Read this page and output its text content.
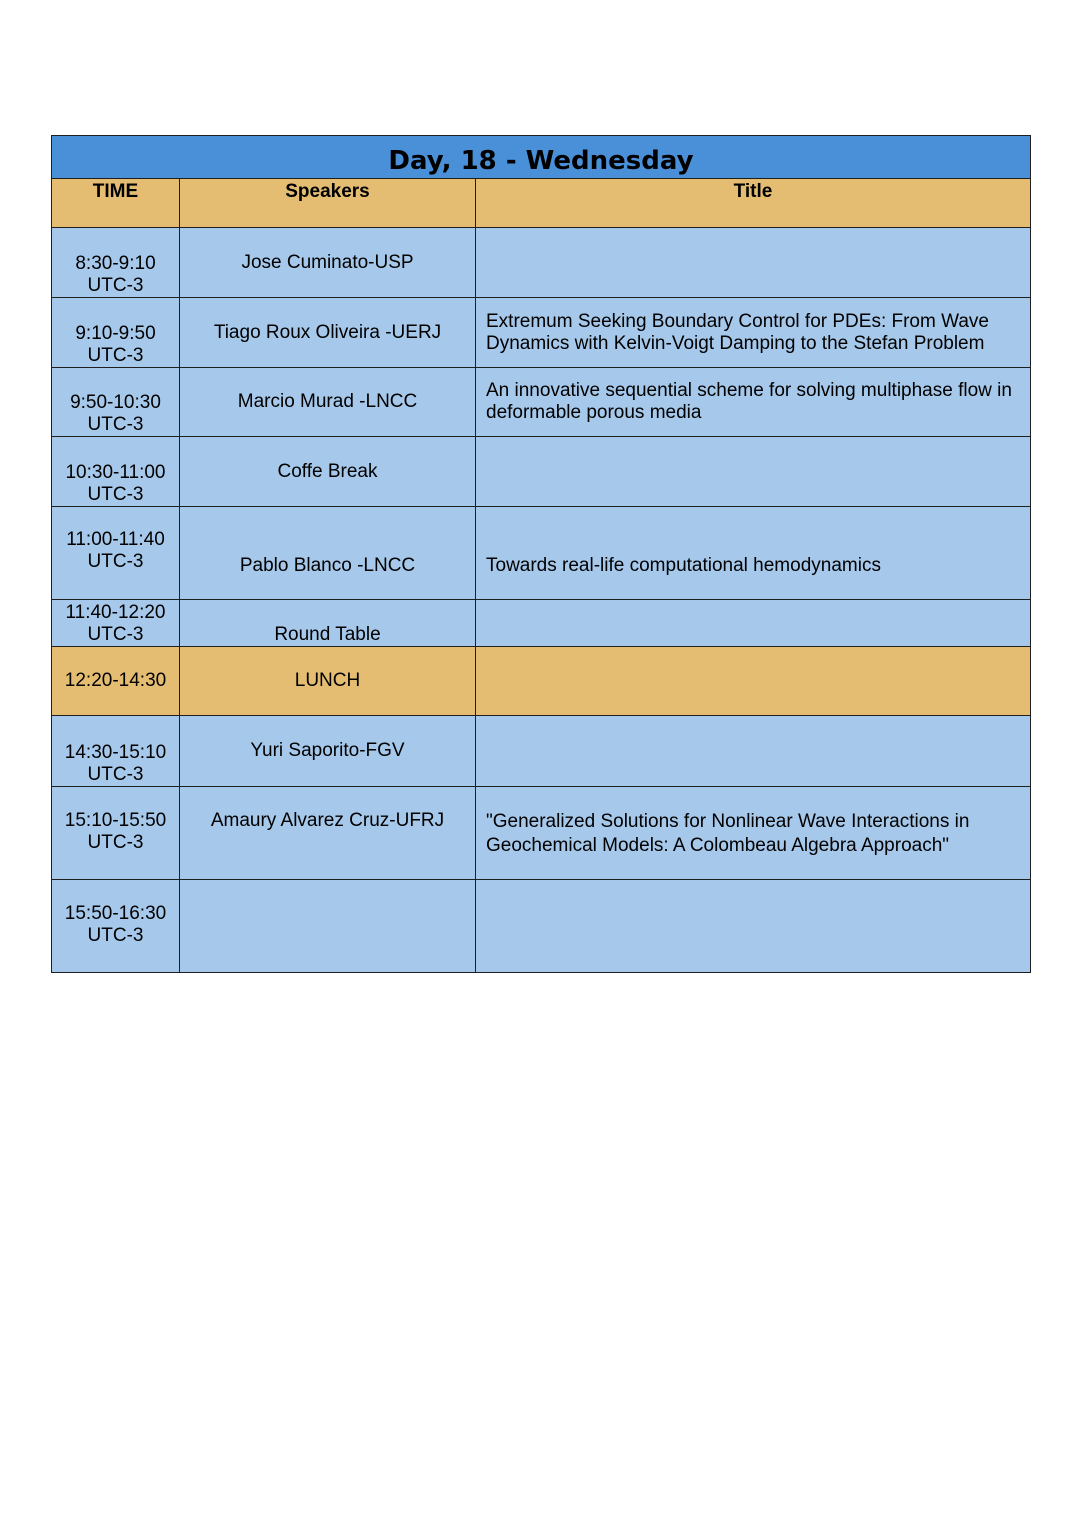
Day, 18 - Wednesday		
TIME	Speakers	Title

8:30-9:10
UTC-3	Jose Cuminato-USP	

9:10-9:50
UTC-3	Tiago Roux Oliveira -UERJ	Extremum Seeking Boundary Control for PDEs: From Wave Dynamics with Kelvin-Voigt Damping to the Stefan Problem

9:50-10:30
UTC-3	Marcio Murad -LNCC	An innovative sequential scheme for solving multiphase flow in deformable porous media

10:30-11:00
UTC-3	Coffe Break	

11:00-11:40
UTC-3	Pablo Blanco -LNCC	Towards real-life computational hemodynamics

11:40-12:20
UTC-3	Round Table	

12:20-14:30	LUNCH	

14:30-15:10
UTC-3	Yuri Saporito-FGV	

15:10-15:50
UTC-3	Amaury Alvarez Cruz-UFRJ	"Generalized Solutions for Nonlinear Wave Interactions in Geochemical Models: A Colombeau Algebra Approach"

15:50-16:30
UTC-3		
